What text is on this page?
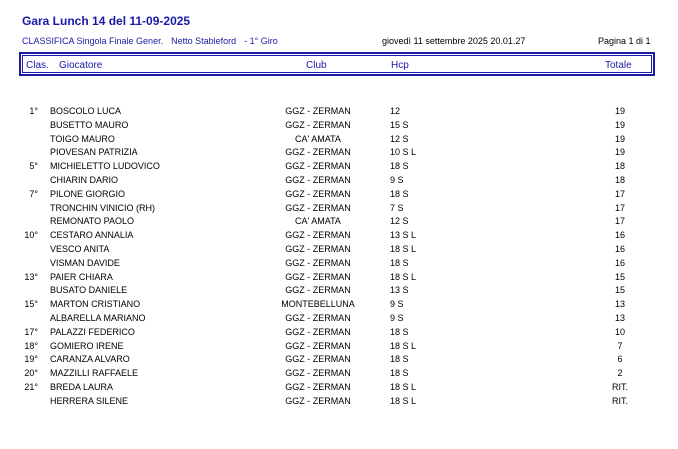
Gara Lunch 14 del 11-09-2025
CLASSIFICA Singola Finale Gener. Netto Stableford - 1° Giro	giovedì 11 settembre 2025 20.01.27	Pagina 1 di 1
Clas. Giocatore	Club	Hcp	Totale
1° BOSCOLO LUCA	GGZ - ZERMAN	12	19
BUSETTO MAURO	GGZ - ZERMAN	15 S	19
TOIGO MAURO	CA' AMATA	12 S	19
PIOVESAN PATRIZIA	GGZ - ZERMAN	10 S L	19
5° MICHIELETTO LUDOVICO	GGZ - ZERMAN	18 S	18
CHIARIN DARIO	GGZ - ZERMAN	9 S	18
7° PILONE GIORGIO	GGZ - ZERMAN	18 S	17
TRONCHIN VINICIO (RH)	GGZ - ZERMAN	7 S	17
REMONATO PAOLO	CA' AMATA	12 S	17
10° CESTARO ANNALIA	GGZ - ZERMAN	13 S L	16
VESCO ANITA	GGZ - ZERMAN	18 S L	16
VISMAN DAVIDE	GGZ - ZERMAN	18 S	16
13° PAIER CHIARA	GGZ - ZERMAN	18 S L	15
BUSATO DANIELE	GGZ - ZERMAN	13 S	15
15° MARTON CRISTIANO	MONTEBELLUNA	9 S	13
ALBARELLA MARIANO	GGZ - ZERMAN	9 S	13
17° PALAZZI FEDERICO	GGZ - ZERMAN	18 S	10
18° GOMIERO IRENE	GGZ - ZERMAN	18 S L	7
19° CARANZA ALVARO	GGZ - ZERMAN	18 S	6
20° MAZZILLI RAFFAELE	GGZ - ZERMAN	18 S	2
21° BREDA LAURA	GGZ - ZERMAN	18 S L	RIT.
HERRERA SILENE	GGZ - ZERMAN	18 S L	RIT.
